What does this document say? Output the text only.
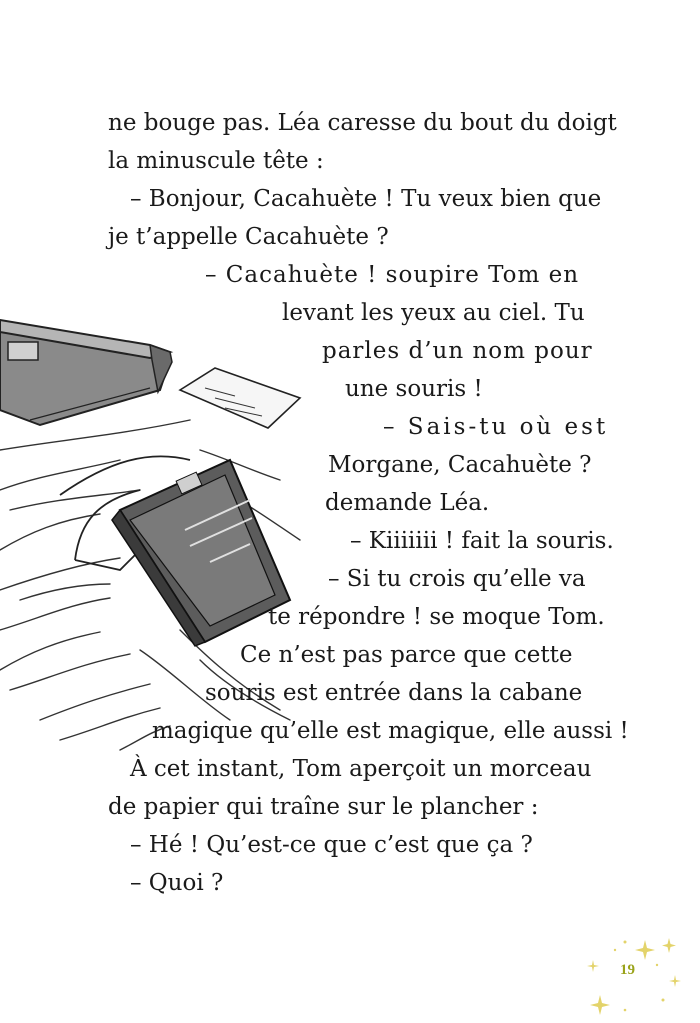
ne bouge pas. Léa caresse du bout du doigt

la minuscule tête :

– Bonjour, Cacahuète ! Tu veux bien que

je t’appelle Cacahuète ?

– Cacahuète ! soupire Tom en

levant les yeux au ciel. Tu

parles d’un nom pour

une souris !

– Sais-tu où est

Morgane, Cacahuète ?

demande Léa.

– Kiiiiiii ! fait la souris.

– Si tu crois qu’elle va

te répondre ! se moque Tom.

Ce n’est pas parce que cette

souris est entrée dans la cabane

magique qu’elle est magique, elle aussi !

À cet instant, Tom aperçoit un morceau

de papier qui traîne sur le plancher :

– Hé ! Qu’est-ce que c’est que ça ?

– Quoi ?

19
